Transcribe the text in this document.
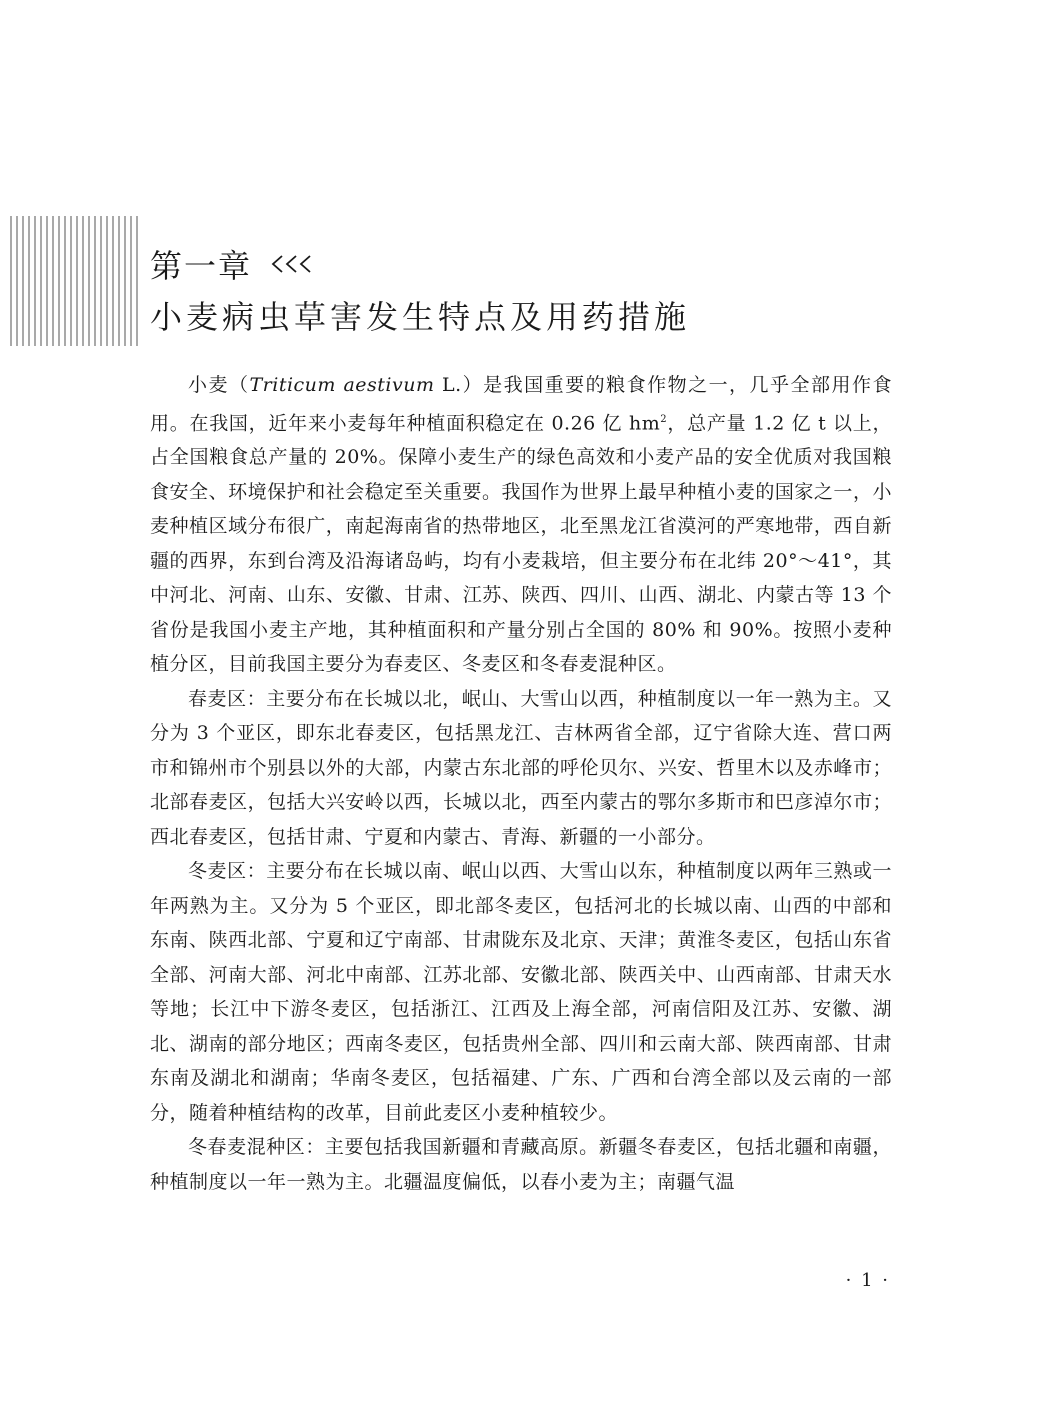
第一章
小麦病虫草害发生特点及用药措施

小麦（Triticum aestivum L.）是我国重要的粮食作物之一，几乎全部用作食用。在我国，近年来小麦每年种植面积稳定在 0.26 亿 $hm^2$，总产量 1.2 亿 t 以上，占全国粮食总产量的 20%。保障小麦生产的绿色高效和小麦产品的安全优质对我国粮食安全、环境保护和社会稳定至关重要。我国作为世界上最早种植小麦的国家之一，小麦种植区域分布很广，南起海南省的热带地区，北至黑龙江省漠河的严寒地带，西自新疆的西界，东到台湾及沿海诸岛屿，均有小麦栽培，但主要分布在北纬 20°～41°，其中河北、河南、山东、安徽、甘肃、江苏、陕西、四川、山西、湖北、内蒙古等 13 个省份是我国小麦主产地，其种植面积和产量分别占全国的 80% 和 90%。按照小麦种植分区，目前我国主要分为春麦区、冬麦区和冬春麦混种区。

春麦区：主要分布在长城以北，岷山、大雪山以西，种植制度以一年一熟为主。又分为 3 个亚区，即东北春麦区，包括黑龙江、吉林两省全部，辽宁省除大连、营口两市和锦州市个别县以外的大部，内蒙古东北部的呼伦贝尔、兴安、哲里木以及赤峰市；北部春麦区，包括大兴安岭以西，长城以北，西至内蒙古的鄂尔多斯市和巴彦淖尔市；西北春麦区，包括甘肃、宁夏和内蒙古、青海、新疆的一小部分。

冬麦区：主要分布在长城以南、岷山以西、大雪山以东，种植制度以两年三熟或一年两熟为主。又分为 5 个亚区，即北部冬麦区，包括河北的长城以南、山西的中部和东南、陕西北部、宁夏和辽宁南部、甘肃陇东及北京、天津；黄淮冬麦区，包括山东省全部、河南大部、河北中南部、江苏北部、安徽北部、陕西关中、山西南部、甘肃天水等地；长江中下游冬麦区，包括浙江、江西及上海全部，河南信阳及江苏、安徽、湖北、湖南的部分地区；西南冬麦区，包括贵州全部、四川和云南大部、陕西南部、甘肃东南及湖北和湖南；华南冬麦区，包括福建、广东、广西和台湾全部以及云南的一部分，随着种植结构的改革，目前此麦区小麦种植较少。

冬春麦混种区：主要包括我国新疆和青藏高原。新疆冬春麦区，包括北疆和南疆，种植制度以一年一熟为主。北疆温度偏低，以春小麦为主；南疆气温

· 1 ·
